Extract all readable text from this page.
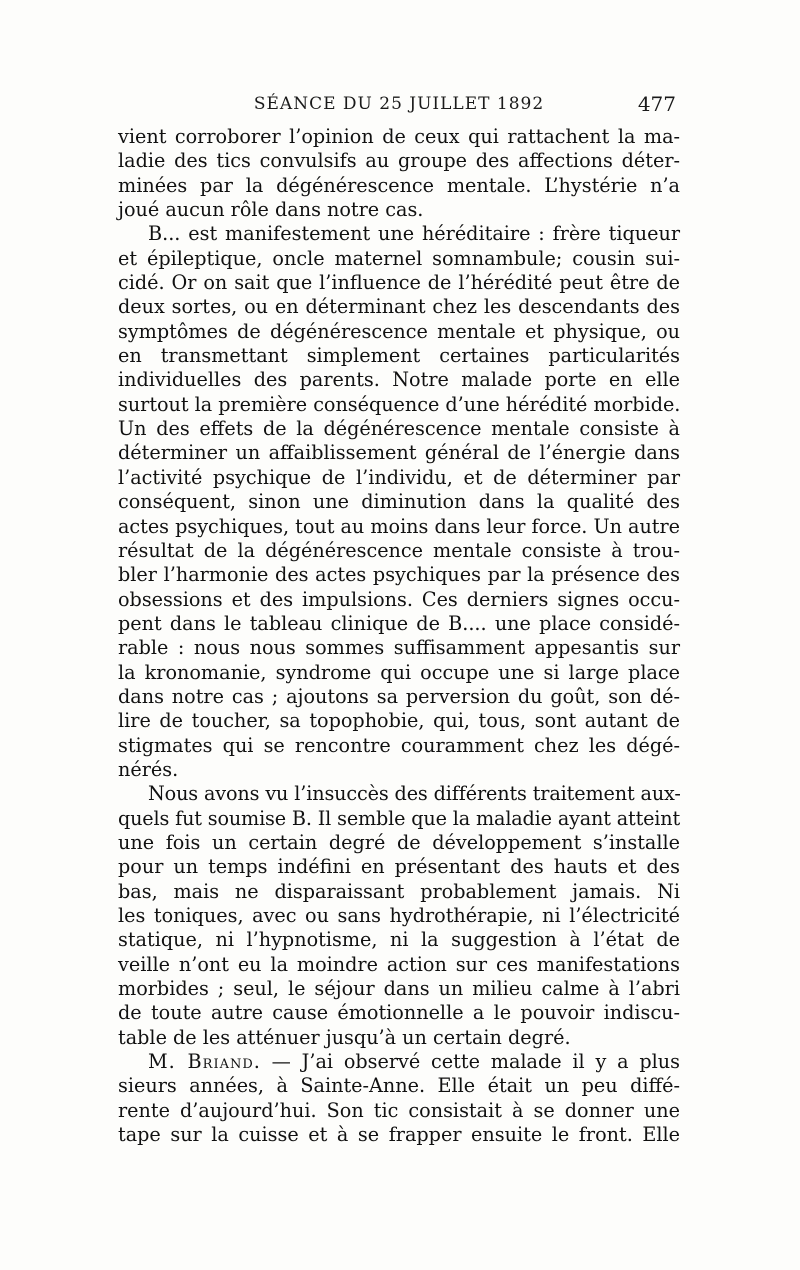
SÉANCE DU 25 JUILLET 1892	477

vient corroborer l’opinion de ceux qui rattachent la ma-
ladie des tics convulsifs au groupe des affections déter-
minées par la dégénérescence mentale. L’hystérie n’a
joué aucun rôle dans notre cas.

B... est manifestement une héréditaire : frère tiqueur
et épileptique, oncle maternel somnambule; cousin sui-
cidé. Or on sait que l’influence de l’hérédité peut être de
deux sortes, ou en déterminant chez les descendants des
symptômes de dégénérescence mentale et physique, ou
en transmettant simplement certaines particularités
individuelles des parents. Notre malade porte en elle
surtout la première conséquence d’une hérédité morbide.
Un des effets de la dégénérescence mentale consiste à
déterminer un affaiblissement général de l’énergie dans
l’activité psychique de l’individu, et de déterminer par
conséquent, sinon une diminution dans la qualité des
actes psychiques, tout au moins dans leur force. Un autre
résultat de la dégénérescence mentale consiste à trou-
bler l’harmonie des actes psychiques par la présence des
obsessions et des impulsions. Ces derniers signes occu-
pent dans le tableau clinique de B.... une place considé-
rable : nous nous sommes suffisamment appesantis sur
la kronomanie, syndrome qui occupe une si large place
dans notre cas ; ajoutons sa perversion du goût, son dé-
lire de toucher, sa topophobie, qui, tous, sont autant de
stigmates qui se rencontre couramment chez les dégé-
nérés.

Nous avons vu l’insuccès des différents traitement aux-
quels fut soumise B. Il semble que la maladie ayant atteint
une fois un certain degré de développement s’installe
pour un temps indéfini en présentant des hauts et des
bas, mais ne disparaissant probablement jamais. Ni
les toniques, avec ou sans hydrothérapie, ni l’électricité
statique, ni l’hypnotisme, ni la suggestion à l’état de
veille n’ont eu la moindre action sur ces manifestations
morbides ; seul, le séjour dans un milieu calme à l’abri
de toute autre cause émotionnelle a le pouvoir indiscu-
table de les atténuer jusqu’à un certain degré.

M. Briand. — J’ai observé cette malade il y a plus
sieurs années, à Sainte-Anne. Elle était un peu diffé-
rente d’aujourd’hui. Son tic consistait à se donner une
tape sur la cuisse et à se frapper ensuite le front. Elle
